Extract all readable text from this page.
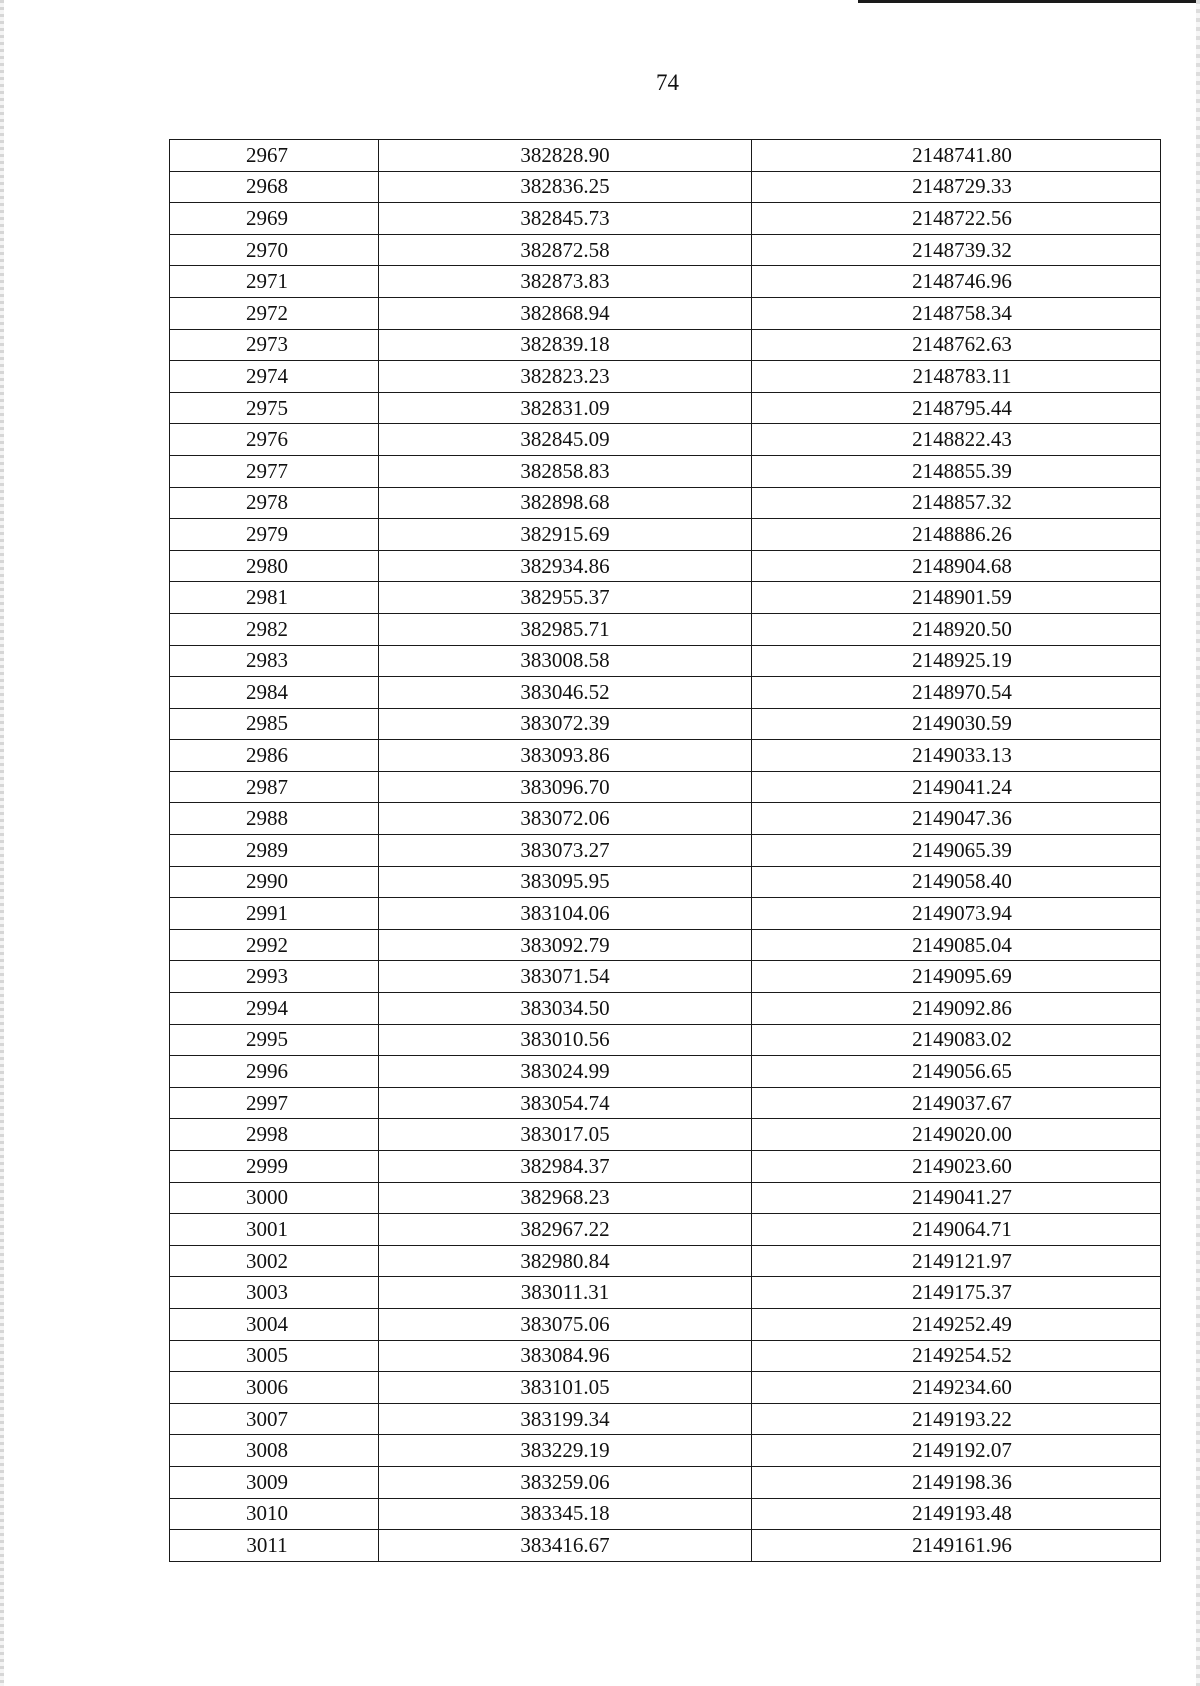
74
2967	382828.90	2148741.80
2968	382836.25	2148729.33
2969	382845.73	2148722.56
2970	382872.58	2148739.32
2971	382873.83	2148746.96
2972	382868.94	2148758.34
2973	382839.18	2148762.63
2974	382823.23	2148783.11
2975	382831.09	2148795.44
2976	382845.09	2148822.43
2977	382858.83	2148855.39
2978	382898.68	2148857.32
2979	382915.69	2148886.26
2980	382934.86	2148904.68
2981	382955.37	2148901.59
2982	382985.71	2148920.50
2983	383008.58	2148925.19
2984	383046.52	2148970.54
2985	383072.39	2149030.59
2986	383093.86	2149033.13
2987	383096.70	2149041.24
2988	383072.06	2149047.36
2989	383073.27	2149065.39
2990	383095.95	2149058.40
2991	383104.06	2149073.94
2992	383092.79	2149085.04
2993	383071.54	2149095.69
2994	383034.50	2149092.86
2995	383010.56	2149083.02
2996	383024.99	2149056.65
2997	383054.74	2149037.67
2998	383017.05	2149020.00
2999	382984.37	2149023.60
3000	382968.23	2149041.27
3001	382967.22	2149064.71
3002	382980.84	2149121.97
3003	383011.31	2149175.37
3004	383075.06	2149252.49
3005	383084.96	2149254.52
3006	383101.05	2149234.60
3007	383199.34	2149193.22
3008	383229.19	2149192.07
3009	383259.06	2149198.36
3010	383345.18	2149193.48
3011	383416.67	2149161.96
